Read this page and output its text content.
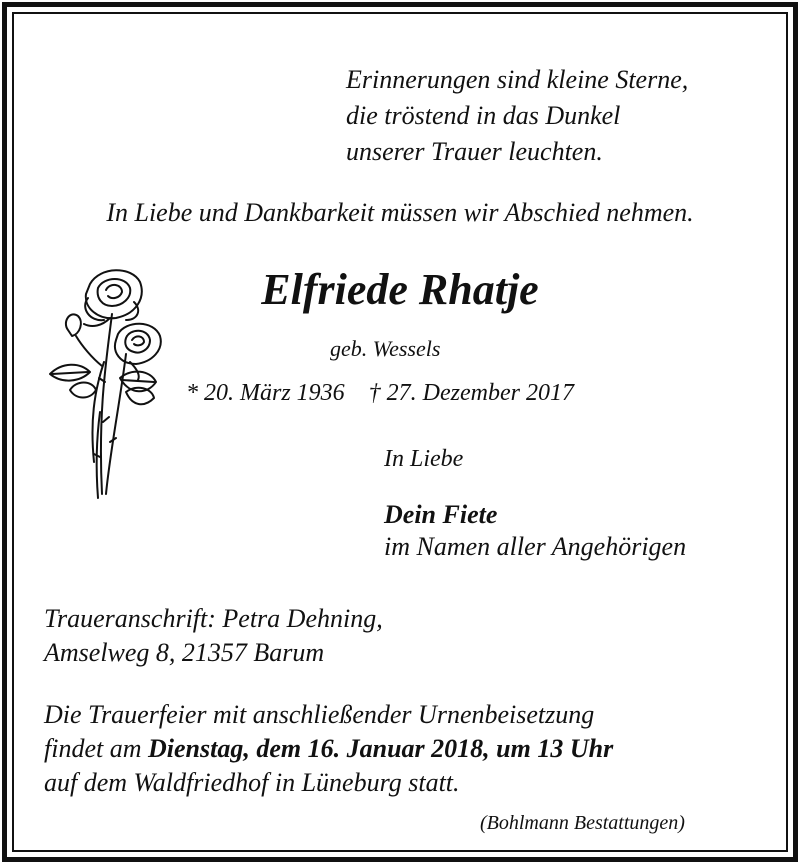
Erinnerungen sind kleine Sterne,
die tröstend in das Dunkel
unserer Trauer leuchten.
In Liebe und Dankbarkeit müssen wir Abschied nehmen.
Elfriede Rhatje
geb. Wessels
* 20. März 1936 † 27. Dezember 2017
In Liebe
Dein Fiete
im Namen aller Angehörigen
Traueranschrift: Petra Dehning,
Amselweg 8, 21357 Barum
Die Trauerfeier mit anschließender Urnenbeisetzung
findet am Dienstag, dem 16. Januar 2018, um 13 Uhr
auf dem Waldfriedhof in Lüneburg statt.
(Bohlmann Bestattungen)
